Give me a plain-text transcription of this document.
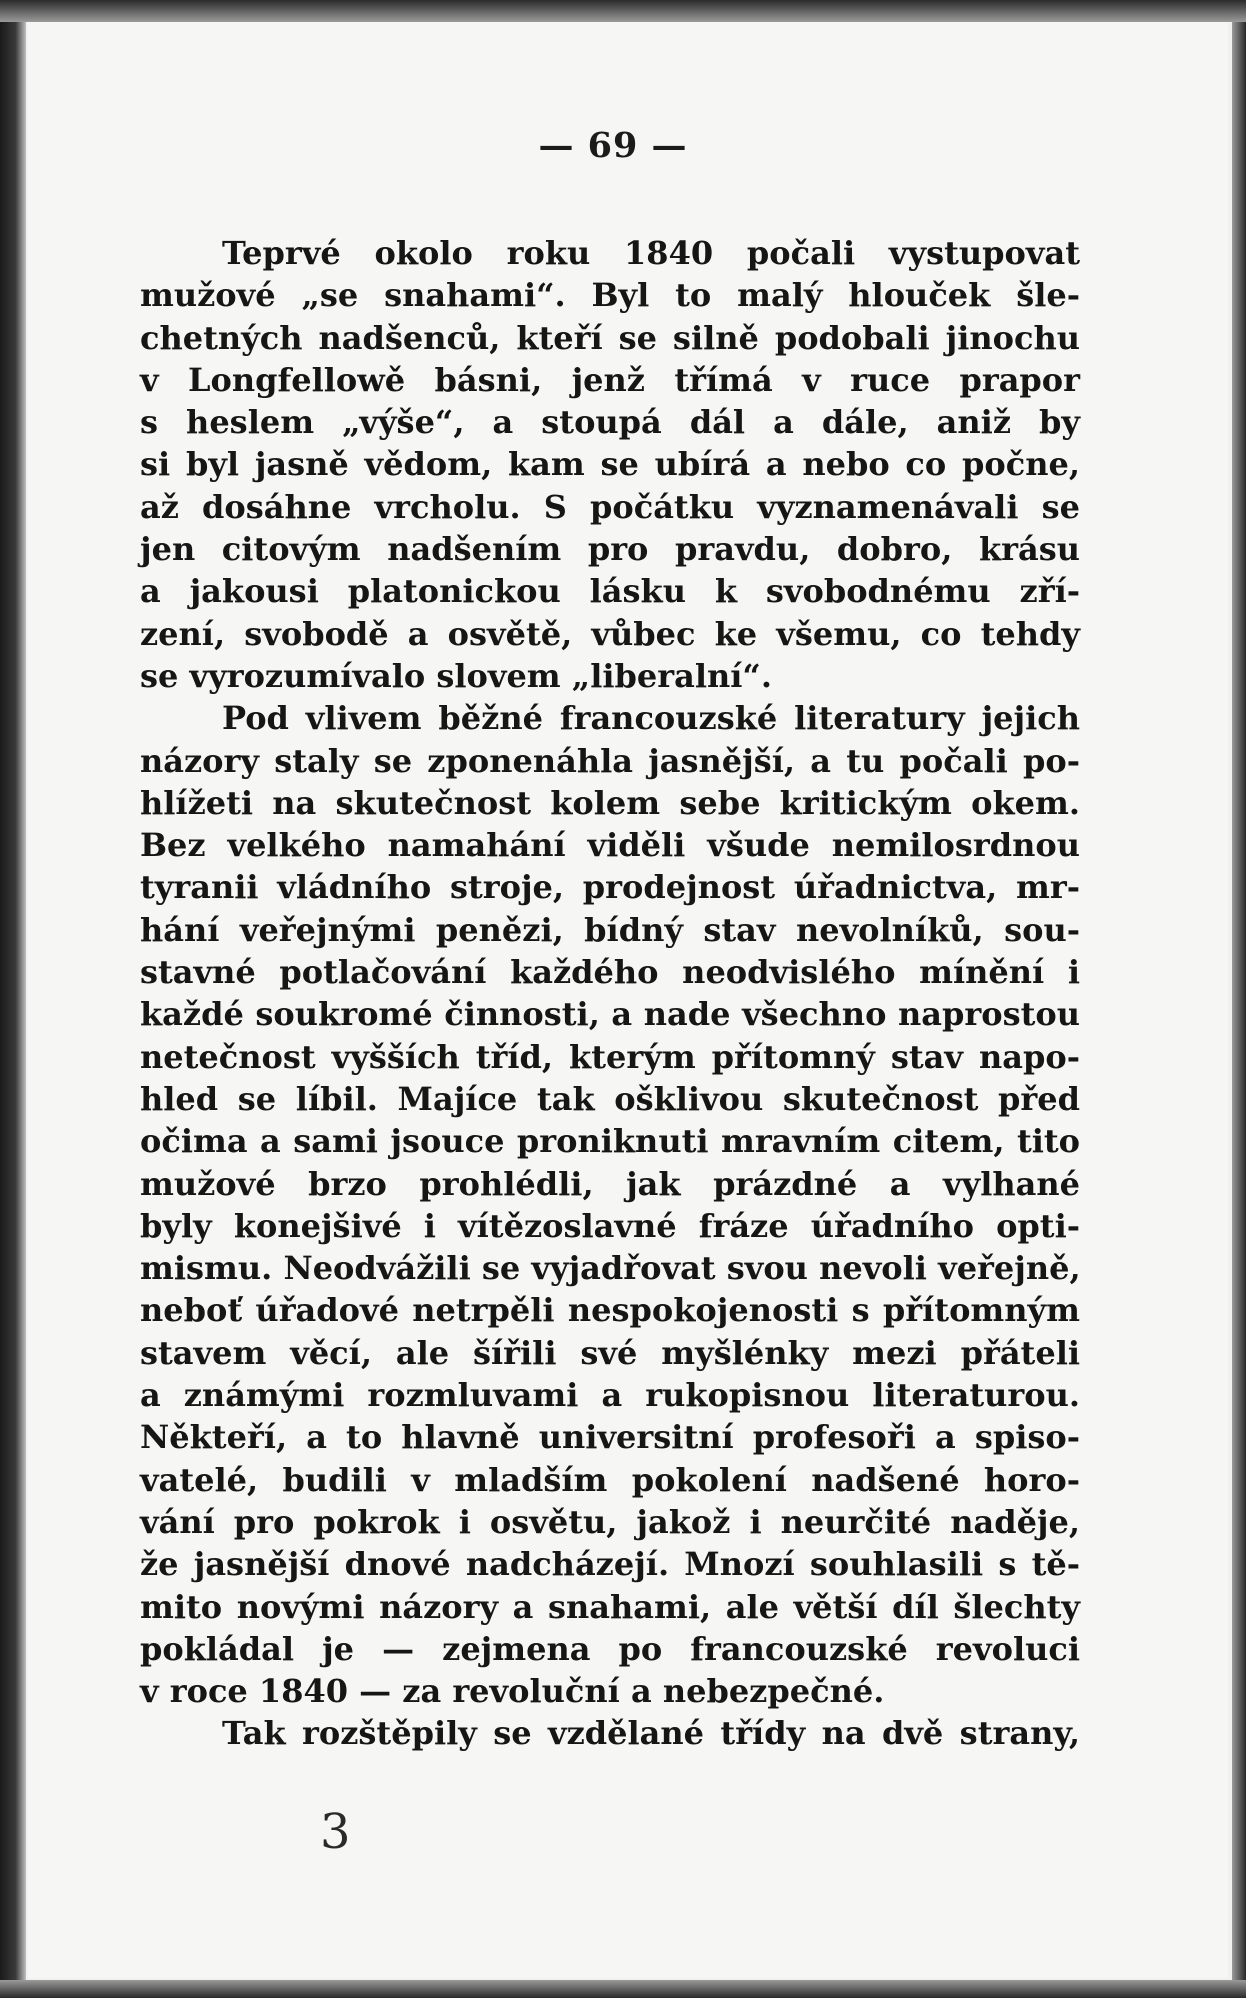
— 69 —
Teprvé okolo roku 1840 počali vystupovat
mužové „se snahami“. Byl to malý hlouček šle-
chetných nadšenců, kteří se silně podobali jinochu
v Longfellowě básni, jenž třímá v ruce prapor
s heslem „výše“, a stoupá dál a dále, aniž by
si byl jasně vědom, kam se ubírá a nebo co počne,
až dosáhne vrcholu. S počátku vyznamenávali se
jen citovým nadšením pro pravdu, dobro, krásu
a jakousi platonickou lásku k svobodnému zří-
zení, svobodě a osvětě, vůbec ke všemu, co tehdy
se vyrozumívalo slovem „liberalní“.
Pod vlivem běžné francouzské literatury jejich
názory staly se zponenáhla jasnější, a tu počali po-
hlížeti na skutečnost kolem sebe kritickým okem.
Bez velkého namahání viděli všude nemilosrdnou
tyranii vládního stroje, prodejnost úřadnictva, mr-
hání veřejnými penězi, bídný stav nevolníků, sou-
stavné potlačování každého neodvislého mínění i
každé soukromé činnosti, a nade všechno naprostou
netečnost vyšších tříd, kterým přítomný stav napo-
hled se líbil. Majíce tak ošklivou skutečnost před
očima a sami jsouce proniknuti mravním citem, tito
mužové brzo prohlédli, jak prázdné a vylhané
byly konejšivé i vítězoslavné fráze úřadního opti-
mismu. Neodvážili se vyjadřovat svou nevoli veřejně,
neboť úřadové netrpěli nespokojenosti s přítomným
stavem věcí, ale šířili své myšlénky mezi přáteli
a známými rozmluvami a rukopisnou literaturou.
Někteří, a to hlavně universitní profesoři a spiso-
vatelé, budili v mladším pokolení nadšené horo-
vání pro pokrok i osvětu, jakož i neurčité naděje,
že jasnější dnové nadcházejí. Mnozí souhlasili s tě-
mito novými názory a snahami, ale větší díl šlechty
pokládal je — zejmena po francouzské revoluci
v roce 1840 — za revoluční a nebezpečné.
Tak rozštěpily se vzdělané třídy na dvě strany,
3
